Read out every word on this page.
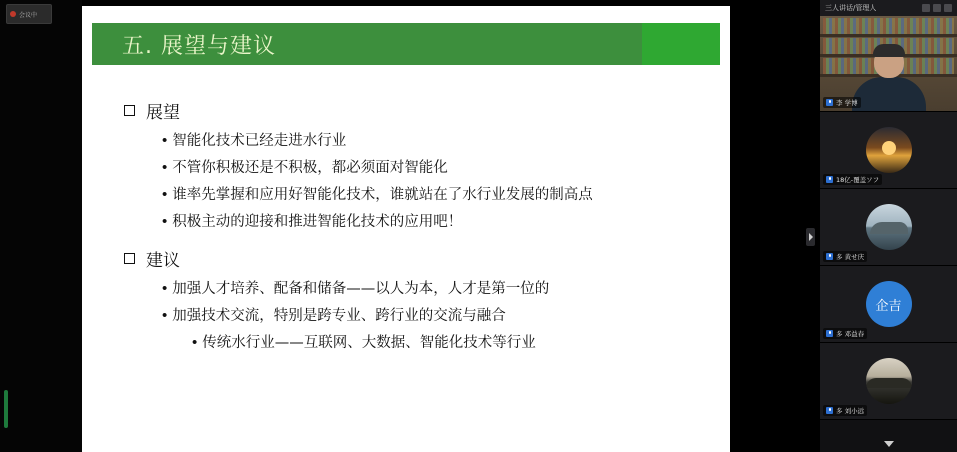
会议中
五. 展望与建议
展望
• 智能化技术已经走进水行业
• 不管你积极还是不积极，都必须面对智能化
• 谁率先掌握和应用好智能化技术，谁就站在了水行业发展的制高点
• 积极主动的迎接和推进智能化技术的应用吧！
建议
• 加强人才培养、配备和储备——以人为本，人才是第一位的
• 加强技术交流，特别是跨专业、跨行业的交流与融合
• 传统水行业——互联网、大数据、智能化技术等行业
三人讲话/管理人
李 学博
18亿-覆盖ソフ
多 黄せ庆
企吉
多 邓益春
多 刘小远
